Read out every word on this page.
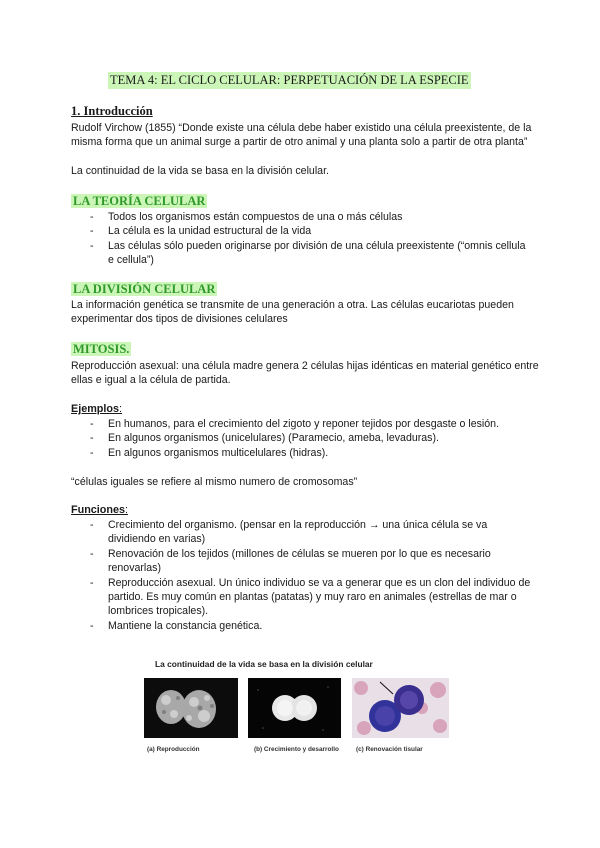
TEMA 4: EL CICLO CELULAR: PERPETUACIÓN DE LA ESPECIE
1. Introducción
Rudolf Virchow (1855) “Donde existe una célula debe haber existido una célula preexistente, de la misma forma que un animal surge a partir de otro animal y una planta solo a partir de otra planta”
La continuidad de la vida se basa en la división celular.
LA TEORÍA CELULAR
- Todos los organismos están compuestos de una o más células
- La célula es la unidad estructural de la vida
- Las células sólo pueden originarse por división de una célula preexistente (“omnis cellula e cellula”)
LA DIVISIÓN CELULAR
La información genética se transmite de una generación a otra. Las células eucariotas pueden experimentar dos tipos de divisiones celulares
MITOSIS.
Reproducción asexual: una célula madre genera 2 células hijas idénticas en material genético entre ellas e igual a la célula de partida.
Ejemplos:
- En humanos, para el crecimiento del zigoto y reponer tejidos por desgaste o lesión.
- En algunos organismos (unicelulares) (Paramecio, ameba, levaduras).
- En algunos organismos multicelulares (hidras).
“células iguales se refiere al mismo numero de cromosomas”
Funciones:
- Crecimiento del organismo. (pensar en la reproducción → una única célula se va dividiendo en varias)
- Renovación de los tejidos (millones de células se mueren por lo que es necesario renovarlas)
- Reproducción asexual. Un único individuo se va a generar que es un clon del individuo de partido. Es muy común en plantas (patatas) y muy raro en animales (estrellas de mar o lombrices tropicales).
- Mantiene la constancia genética.
La continuidad de la vida se basa en la división celular
(a) Reproducción	(b) Crecimiento y desarrollo	(c) Renovación tisular
